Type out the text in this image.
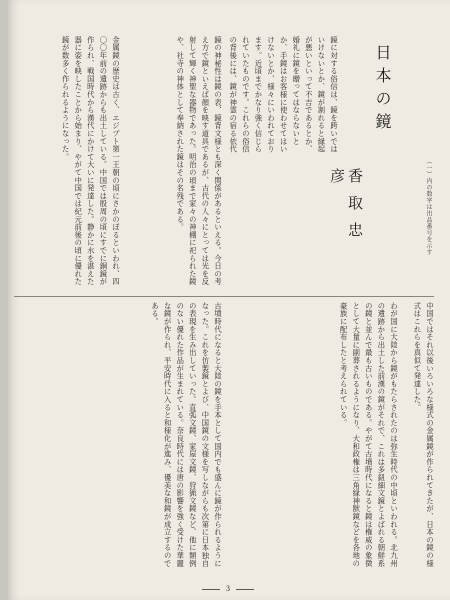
日本の鏡
（一）内の数字は出品番号を示す
香取忠彦
鏡に対する俗信は、鏡を跨いではいけないとか、鏡が割れると縁起が悪いといって不吉であるとか、婚礼に鏡を贈ってはならないとか、手鏡はお客様に使わせてはいけないとか、様々にいわれております。近頃までかなり強く信じられていたものです。これらの俗信の背後には、鏡が神霊の宿る依代
鏡の神秘性は鏡の表、鏡背文様とも深く関係があるといえる。今日の考え方で鏡といえば顔を映す道具であるが、古代の人々にとっては光を反射して輝く神聖な器物であった。明治の頃まで家々の神棚に祀られた鏡や、社寺の神体として奉納された鏡はその名残である。
金属鏡の歴史は古く、エジプト第一王朝の頃にさかのぼるといわれ、四〇〇年前の遺跡からも出土している。中国では殷周の頃にすでに銅鏡が作られ、戦国時代から漢代にかけて大いに発達した。静かに水を湛えた器に姿を映したことから始まり、やがて中国では紀元前後の頃に優れた鏡が数多く作られるようになった。
中国ではそれ以後いろいろな様式の金属鏡が作られてきたが、日本の鏡の様式はこれらを真似て発達した。
わが国に大陸から鏡がもたらされたのは弥生時代の中頃といわれる。北九州の遺跡から出土した前漢の鏡がそれで、これは多鈕細文鏡とよばれる朝鮮系の鏡と並んで最も古いものである。やがて古墳時代になると鏡は権威の象徴として大量に副葬されるようになり、大和政権は三角縁神獣鏡などを各地の豪族に配布したと考えられている。
古墳時代になると大陸の鏡を手本として国内でも盛んに鏡が作られるようになった。これを仿製鏡とよび、中国鏡の文様を写しながらも次第に日本独自の表現を生み出していった。直弧文鏡、家屋文鏡、狩猟文鏡など、他に類例のない優れた作品が生まれている。奈良時代には唐の影響を強く受けた華麗な鏡が作られ、平安時代に入ると和様化が進み、優美な和鏡が成立するのである。
3
